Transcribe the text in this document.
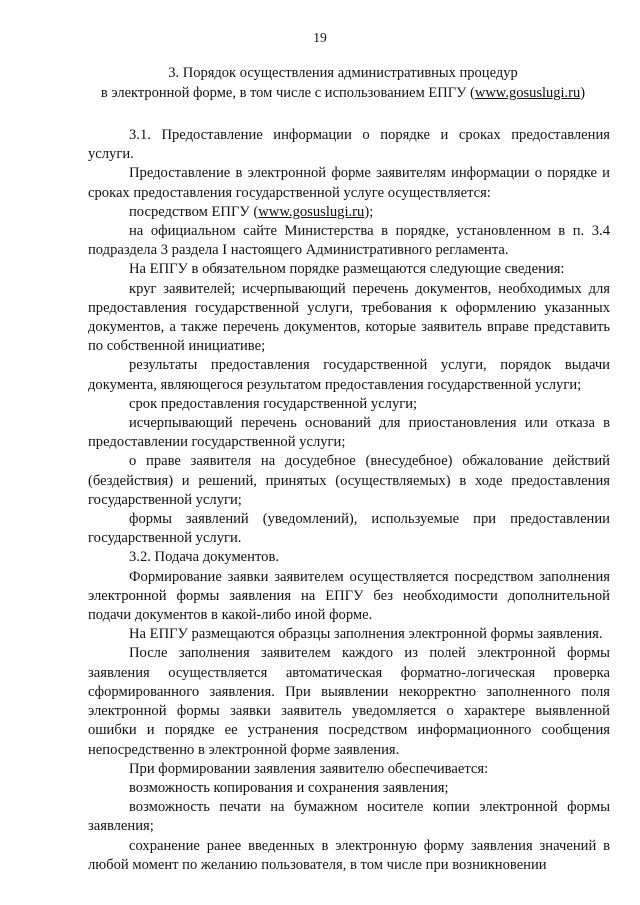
19
3. Порядок осуществления административных процедур
в электронной форме, в том числе с использованием ЕПГУ (www.gosuslugi.ru)

3.1. Предоставление информации о порядке и сроках предоставления услуги.

Предоставление в электронной форме заявителям информации о порядке и сроках предоставления государственной услуге осуществляется:

посредством ЕПГУ (www.gosuslugi.ru);

на официальном сайте Министерства в порядке, установленном в п. 3.4 подраздела 3 раздела I настоящего Административного регламента.

На ЕПГУ в обязательном порядке размещаются следующие сведения:

круг заявителей; исчерпывающий перечень документов, необходимых для предоставления государственной услуги, требования к оформлению указанных документов, а также перечень документов, которые заявитель вправе представить по собственной инициативе;

результаты предоставления государственной услуги, порядок выдачи документа, являющегося результатом предоставления государственной услуги;

срок предоставления государственной услуги;

исчерпывающий перечень оснований для приостановления или отказа в предоставлении государственной услуги;

о праве заявителя на досудебное (внесудебное) обжалование действий (бездействия) и решений, принятых (осуществляемых) в ходе предоставления государственной услуги;

формы заявлений (уведомлений), используемые при предоставлении государственной услуги.

3.2. Подача документов.

Формирование заявки заявителем осуществляется посредством заполнения электронной формы заявления на ЕПГУ без необходимости дополнительной подачи документов в какой-либо иной форме.

На ЕПГУ размещаются образцы заполнения электронной формы заявления.

После заполнения заявителем каждого из полей электронной формы заявления осуществляется автоматическая форматно-логическая проверка сформированного заявления. При выявлении некорректно заполненного поля электронной формы заявки заявитель уведомляется о характере выявленной ошибки и порядке ее устранения посредством информационного сообщения непосредственно в электронной форме заявления.

При формировании заявления заявителю обеспечивается:

возможность копирования и сохранения заявления;

возможность печати на бумажном носителе копии электронной формы заявления;

сохранение ранее введенных в электронную форму заявления значений в любой момент по желанию пользователя, в том числе при возникновении
